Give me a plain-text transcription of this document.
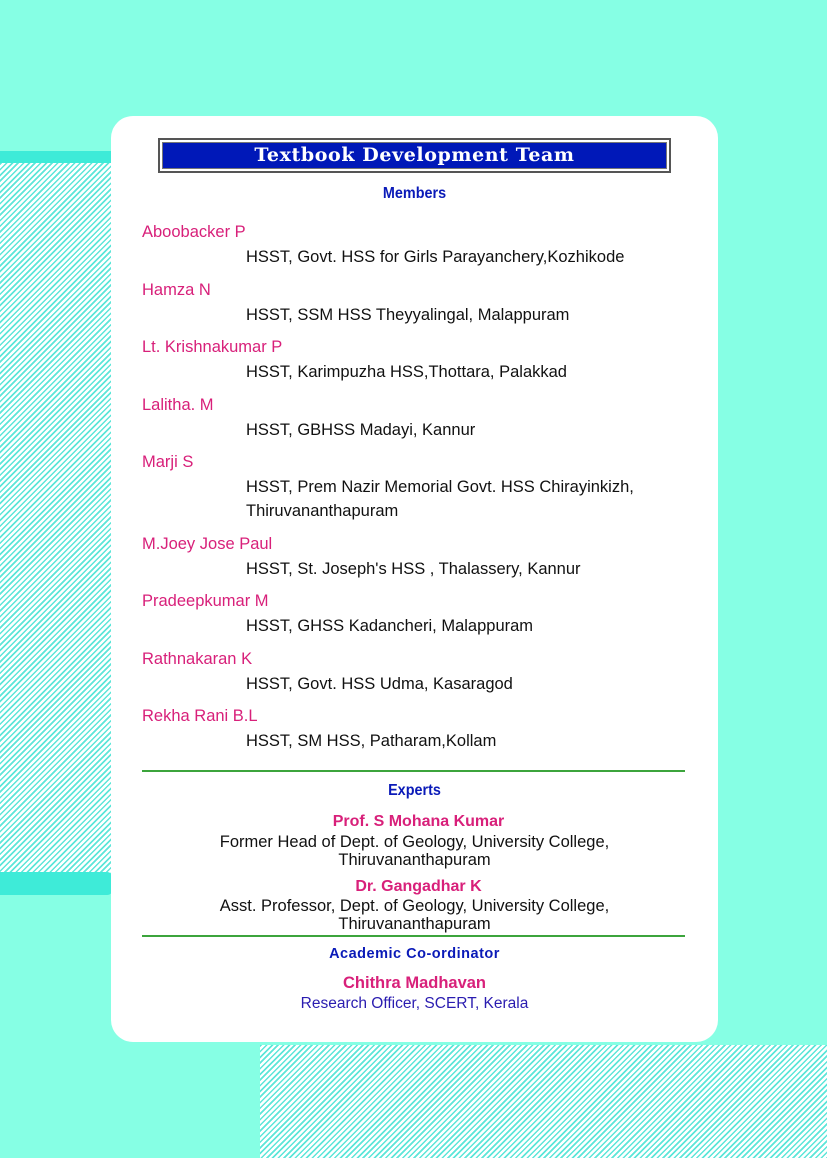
Textbook Development Team
Members
Aboobacker P
HSST, Govt. HSS for Girls Parayanchery,Kozhikode
Hamza N
HSST, SSM HSS Theyyalingal, Malappuram
Lt. Krishnakumar P
HSST, Karimpuzha HSS,Thottara, Palakkad
Lalitha. M
HSST, GBHSS Madayi, Kannur
Marji S
HSST, Prem Nazir Memorial Govt. HSS Chirayinkizh,
Thiruvananthapuram
M.Joey Jose Paul
HSST, St. Joseph's HSS , Thalassery, Kannur
Pradeepkumar M
HSST, GHSS Kadancheri, Malappuram
Rathnakaran K
HSST, Govt. HSS Udma, Kasaragod
Rekha Rani B.L
HSST, SM HSS, Patharam,Kollam
Experts
Prof. S Mohana Kumar
Former Head of Dept. of Geology, University College,
Thiruvananthapuram
Dr. Gangadhar K
Asst. Professor, Dept. of Geology, University College,
Thiruvananthapuram
Academic Co-ordinator
Chithra Madhavan
Research Officer, SCERT, Kerala
